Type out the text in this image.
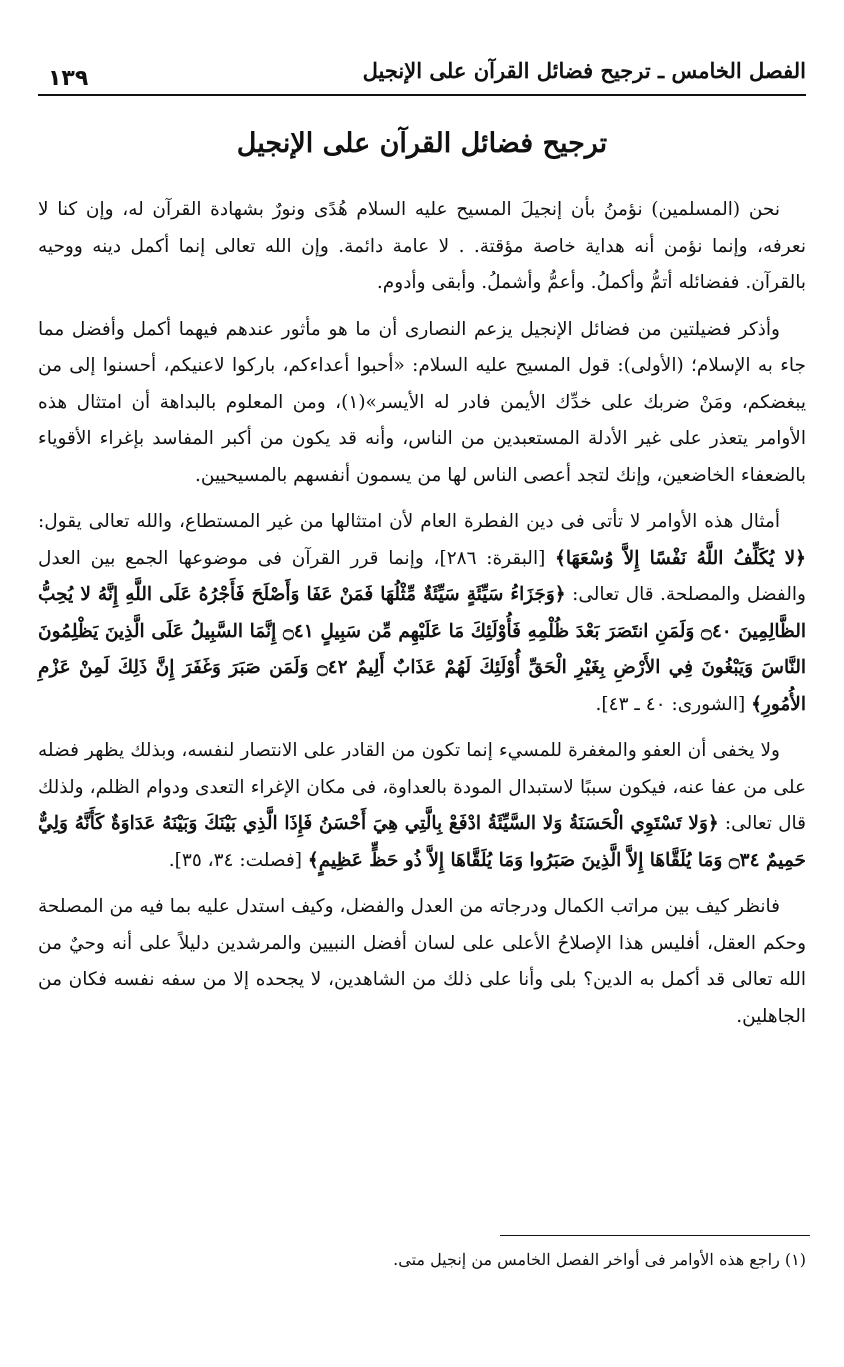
الفصل الخامس ـ ترجيح فضائل القرآن على الإنجيل
١٣٩
ترجيح فضائل القرآن على الإنجيل

نحن (المسلمين) نؤمنُ بأن إنجيلَ المسيح عليه السلام هُدًى ونورٌ بشهادة القرآن له، وإن كنا لا نعرفه، وإنما نؤمن أنه هداية خاصة مؤقتة. . لا عامة دائمة. وإن الله تعالى إنما أكمل دينه ووحيه بالقرآن. ففضائله أتمُّ وأكملُ. وأعمُّ وأشملُ. وأبقى وأدوم.

وأذكر فضيلتين من فضائل الإنجيل يزعم النصارى أن ما هو مأثور عندهم فيهما أكمل وأفضل مما جاء به الإسلام؛ (الأولى): قول المسيح عليه السلام: «أحبوا أعداءكم، باركوا لاعنيكم، أحسنوا إلى من يبغضكم، ومَنْ ضربك على خدِّك الأيمن فادر له الأيسر»(١)، ومن المعلوم بالبداهة أن امتثال هذه الأوامر يتعذر على غير الأدلة المستعبدين من الناس، وأنه قد يكون من أكبر المفاسد بإغراء الأقوياء بالضعفاء الخاضعين، وإنك لتجد أعصى الناس لها من يسمون أنفسهم بالمسيحيين.

أمثال هذه الأوامر لا تأتى فى دين الفطرة العام لأن امتثالها من غير المستطاع، والله تعالى يقول: ﴿لا يُكَلِّفُ اللَّهُ نَفْسًا إِلاَّ وُسْعَهَا﴾ [البقرة: ٢٨٦]، وإنما قرر القرآن فى موضوعها الجمع بين العدل والفضل والمصلحة. قال تعالى: ﴿وَجَزَاءُ سَيِّئَةٍ سَيِّئَةٌ مِّثْلُهَا فَمَنْ عَفَا وَأَصْلَحَ فَأَجْرُهُ عَلَى اللَّهِ إِنَّهُ لا يُحِبُّ الظَّالِمِينَ ۝٤٠ وَلَمَنِ انتَصَرَ بَعْدَ ظُلْمِهِ فَأُوْلَئِكَ مَا عَلَيْهِم مِّن سَبِيلٍ ۝٤١ إِنَّمَا السَّبِيلُ عَلَى الَّذِينَ يَظْلِمُونَ النَّاسَ وَيَبْغُونَ فِي الأَرْضِ بِغَيْرِ الْحَقِّ أُوْلَئِكَ لَهُمْ عَذَابٌ أَلِيمٌ ۝٤٢ وَلَمَن صَبَرَ وَغَفَرَ إِنَّ ذَلِكَ لَمِنْ عَزْمِ الأُمُورِ﴾ [الشورى: ٤٠ ـ ٤٣].

ولا يخفى أن العفو والمغفرة للمسيء إنما تكون من القادر على الانتصار لنفسه، وبذلك يظهر فضله على من عفا عنه، فيكون سببًا لاستبدال المودة بالعداوة، فى مكان الإغراء التعدى ودوام الظلم، ولذلك قال تعالى: ﴿وَلا تَسْتَوِي الْحَسَنَةُ وَلا السَّيِّئَةُ ادْفَعْ بِالَّتِي هِيَ أَحْسَنُ فَإِذَا الَّذِي بَيْنَكَ وَبَيْنَهُ عَدَاوَةٌ كَأَنَّهُ وَلِيٌّ حَمِيمٌ ۝٣٤ وَمَا يُلَقَّاهَا إِلاَّ الَّذِينَ صَبَرُوا وَمَا يُلَقَّاهَا إِلاَّ ذُو حَظٍّ عَظِيمٍ﴾ [فصلت: ٣٤، ٣٥].

فانظر كيف بين مراتب الكمال ودرجاته من العدل والفضل، وكيف استدل عليه بما فيه من المصلحة وحكم العقل، أفليس هذا الإصلاحُ الأعلى على لسان أفضل النبيين والمرشدين دليلاً على أنه وحيٌ من الله تعالى قد أكمل به الدين؟ بلى وأنا على ذلك من الشاهدين، لا يجحده إلا من سفه نفسه فكان من الجاهلين.

(١) راجع هذه الأوامر فى أواخر الفصل الخامس من إنجيل متى.
